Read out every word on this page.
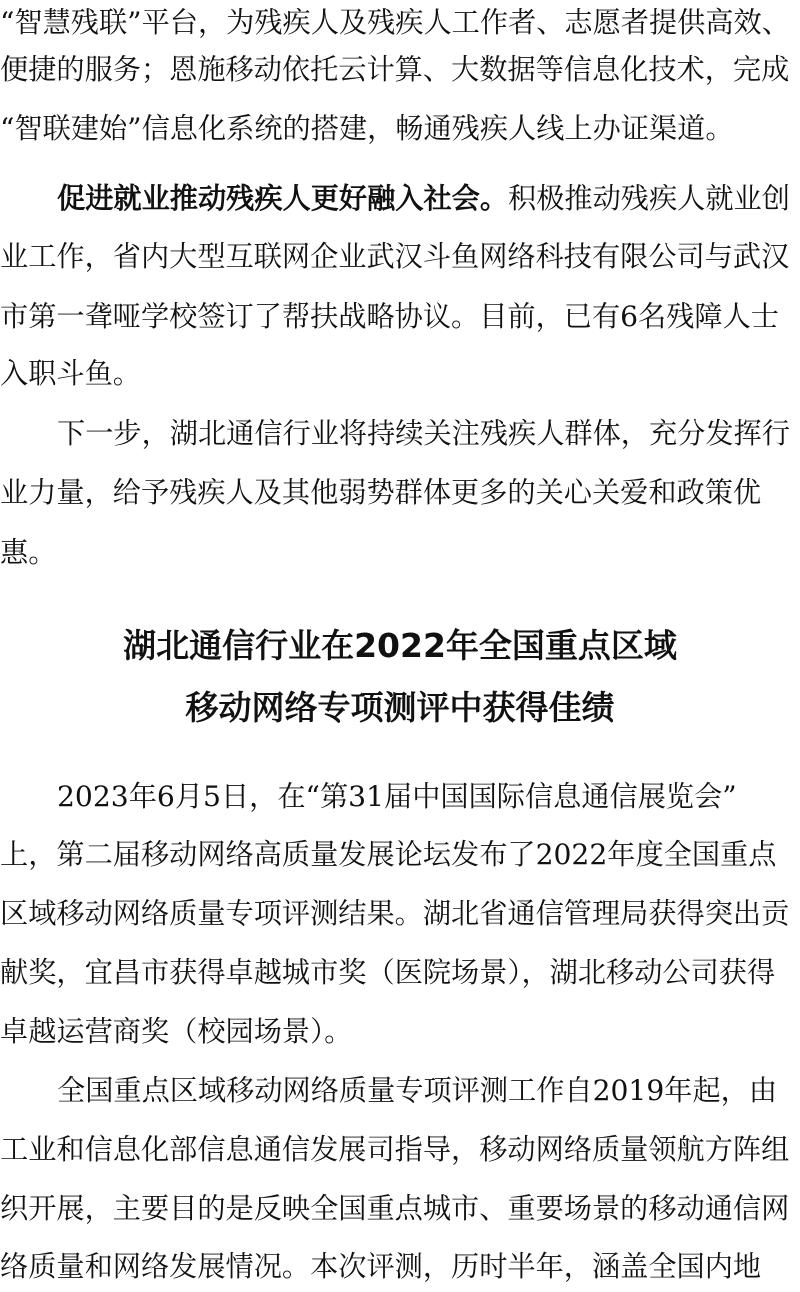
“智慧残联”平台，为残疾人及残疾人工作者、志愿者提供高效、
便捷的服务；恩施移动依托云计算、大数据等信息化技术，完成
“智联建始”信息化系统的搭建，畅通残疾人线上办证渠道。
促进就业推动残疾人更好融入社会。积极推动残疾人就业创
业工作，省内大型互联网企业武汉斗鱼网络科技有限公司与武汉
市第一聋哑学校签订了帮扶战略协议。目前，已有6名残障人士
入职斗鱼。
下一步，湖北通信行业将持续关注残疾人群体，充分发挥行
业力量，给予残疾人及其他弱势群体更多的关心关爱和政策优
惠。
湖北通信行业在2022年全国重点区域
移动网络专项测评中获得佳绩
2023年6月5日，在“第31届中国国际信息通信展览会”
上，第二届移动网络高质量发展论坛发布了2022年度全国重点
区域移动网络质量专项评测结果。湖北省通信管理局获得突出贡
献奖，宜昌市获得卓越城市奖（医院场景），湖北移动公司获得
卓越运营商奖（校园场景）。
全国重点区域移动网络质量专项评测工作自2019年起，由
工业和信息化部信息通信发展司指导，移动网络质量领航方阵组
织开展，主要目的是反映全国重点城市、重要场景的移动通信网
络质量和网络发展情况。本次评测，历时半年，涵盖全国内地
